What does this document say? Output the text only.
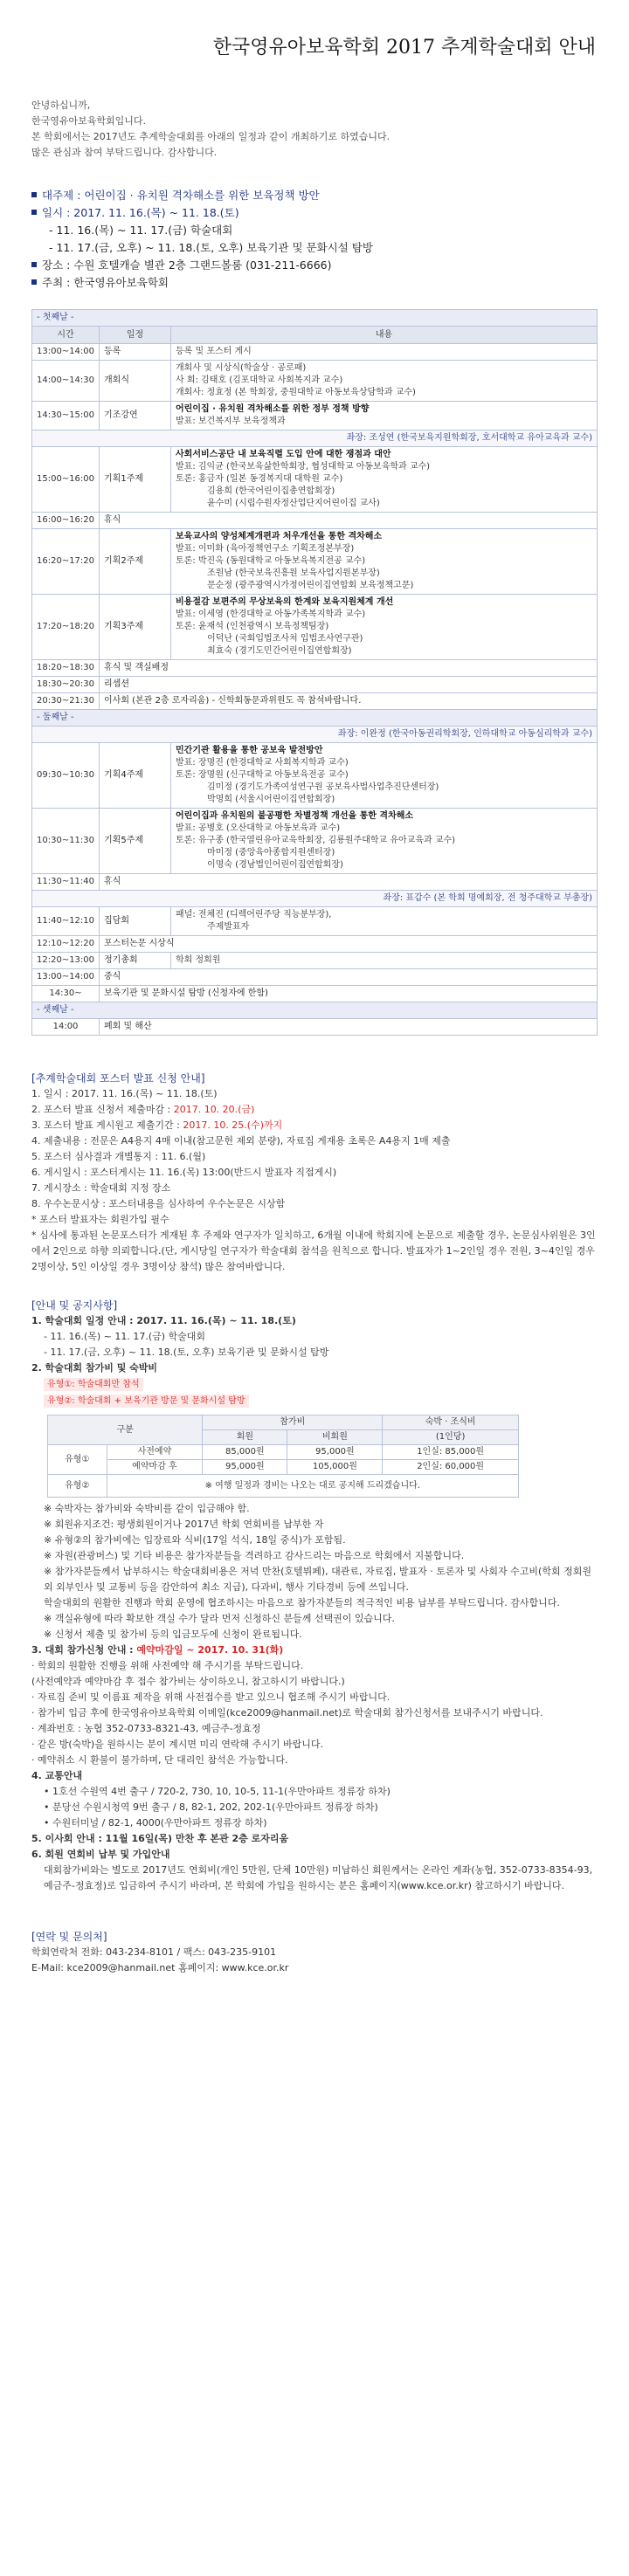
한국영유아보육학회 2017 추계학술대회 안내

안녕하십니까,

한국영유아보육학회입니다.

본 학회에서는 2017년도 추계학술대회를 아래의 일정과 같이 개최하기로 하였습니다.

많은 관심과 참여 부탁드립니다. 감사합니다.

대주제 : 어린이집 · 유치원 격차해소를 위한 보육정책 방안
일시 : 2017. 11. 16.(목) ~ 11. 18.(토)
- 11. 16.(목) ~ 11. 17.(금) 학술대회
- 11. 17.(금, 오후) ~ 11. 18.(토, 오후) 보육기관 및 문화시설 탐방
장소 : 수원 호텔캐슬 별관 2층 그랜드볼룸 (031-211-6666)
주최 : 한국영유아보육학회
- 첫째날 -		
시간	일정	내용
13:00~14:00	등록	등록 및 포스터 게시
14:00~14:30	개회식	개회사 및 시상식(학술상 · 공로패)
사 회: 김태호 (김포대학교 사회복지과 교수)
개회사: 정효정 (본 학회장, 중원대학교 아동보육상담학과 교수)

14:30~15:00	기조강연	어린이집 · 유치원 격차해소를 위한 정부 정책 방향
발표: 보건복지부 보육정책과

좌장: 조성연 (한국보육지원학회장, 호서대학교 유아교육과 교수)		
15:00~16:00	기획1주제	사회서비스공단 내 보육직렬 도입 안에 대한 쟁점과 대안
발표: 김익균 (한국보육삶한학회장, 협성대학교 아동보육학과 교수)
토론: 홍금자 (일본 동경복지대 대학원 교수)
김용희 (한국어린이집총연합회장)
윤수미 (시립수원자정산업단지어린이집 교사)

16:00~16:20	휴식	
16:20~17:20	기획2주제	보육교사의 양성체계개편과 처우개선을 통한 격차해소
발표: 이미화 (육아정책연구소 기획조정본부장)
토론: 박진옥 (동원대학교 아동보육복지전공 교수)
조원남 (한국보육진흥원 보육사업지원본부장)
문순정 (광주광역시가정어린이집연합회 보육정책고문)

17:20~18:20	기획3주제	비용절감 보편주의 무상보육의 한계와 보육지원체계 개선
발표: 이세영 (한경대학교 아동가족복지학과 교수)
토론: 윤재석 (인천광역시 보육정책팀장)
이덕난 (국회입법조사처 입법조사연구관)
최효숙 (경기도민간어린이집연합회장)

18:20~18:30	휴식 및 객실배정	
18:30~20:30	리셉션	
20:30~21:30	이사회 (본관 2층 로자리움) - 신학회동문과위원도 꼭 참석바랍니다.	
- 둘째날 -		
좌장: 이완정 (한국아동권리학회장, 인하대학교 아동심리학과 교수)		
09:30~10:30	기획4주제	민간기관 활용을 통한 공보육 발전방안
발표: 장명진 (한경대학교 사회복지학과 교수)
토론: 장명원 (신구대학교 아동보육전공 교수)
김미정 (경기도가족여성연구원 공보육사법사업추진단센터장)
박명희 (서울시어린이집연합회장)

10:30~11:30	기획5주제	어린이집과 유치원의 불공평한 차별정책 개선을 통한 격차해소
발표: 공병호 (오산대학교 아동보육과 교수)
토론: 유구종 (한국열린유아교육학회장, 김룡원주대학교 유아교육과 교수)
마미정 (중앙육아종합지원센터장)
이명숙 (경남법인어린이집연합회장)

11:30~11:40	휴식	
좌장: 표갑수 (본 학회 명예회장, 전 청주대학교 부총장)		
11:40~12:10	집담회	패널: 전체진 (디렉어린주당 직능분부장),
주제발표자

12:10~12:20	포스터논문 시상식	
12:20~13:00	정기총회	학회 정회원
13:00~14:00	중식	
14:30~	보육기관 및 문화시설 탐방 (신청자에 한함)	
- 셋째날 -		
14:00	폐회 및 해산	
[추계학술대회 포스터 발표 신청 안내]

1. 일시 : 2017. 11. 16.(목) ~ 11. 18.(토)

2. 포스터 발표 신청서 제출마감 : 2017. 10. 20.(금)

3. 포스터 발표 게시원고 제출기간 : 2017. 10. 25.(수)까지

4. 제출내용 : 전문은 A4용지 4매 이내(참고문헌 제외 분량), 자료집 게재용 초록은 A4용지 1매 제출

5. 포스터 심사결과 개별통지 : 11. 6.(월)

6. 게시일시 : 포스터게시는 11. 16.(목) 13:00(반드시 발표자 직접게시)

7. 게시장소 : 학술대회 지정 장소

8. 우수논문시상 : 포스터내용을 심사하여 우수논문은 시상함

* 포스터 발표자는 회원가입 필수

* 심사에 통과된 논문포스터가 게재된 후 주제와 연구자가 일치하고, 6개월 이내에 학회지에 논문으로 제출할 경우, 논문심사위원은 3인에서 2인으로 하향 의뢰합니다.(단, 게시당일 연구자가 학술대회 참석을 원칙으로 합니다. 발표자가 1~2인일 경우 전원, 3~4인일 경우 2명이상, 5인 이상일 경우 3명이상 참석) 많은 참여바랍니다.

[안내 및 공지사항]

1. 학술대회 일정 안내 : 2017. 11. 16.(목) ~ 11. 18.(토)

- 11. 16.(목) ~ 11. 17.(금) 학술대회

- 11. 17.(금, 오후) ~ 11. 18.(토, 오후) 보육기관 및 문화시설 탐방

2. 학술대회 참가비 및 숙박비

유형①: 학술대회만 참석

유형②: 학술대회 + 보육기관 방문 및 문화시설 탐방

구분		참가비		숙박 · 조식비
		회원	비회원	(1인당)
유형①	사전예약	85,000원	95,000원	1인실: 85,000원
	예약마감 후	95,000원	105,000원	2인실: 60,000원
유형②	※ 여행 일정과 경비는 나오는 대로 공지해 드리겠습니다.			

※ 숙박자는 참가비와 숙박비를 같이 입금해야 함.

※ 회원유지조건: 평생회원이거나 2017년 학회 연회비를 납부한 자

※ 유형②의 참가비에는 입장료와 식비(17일 석식, 18일 중식)가 포함됨.

※ 자원(관광버스) 및 기타 비용은 참가자분들을 격려하고 감사드리는 마음으로 학회에서 지불합니다.

※ 참가자분들께서 납부하시는 학술대회비용은 저녁 만찬(호텔뷔페), 대관료, 자료집, 발표자 · 토론자 및 사회자 수고비(학회 정회원 외 외부인사 및 교통비 등을 감안하여 최소 지급), 다과비, 행사 기타경비 등에 쓰입니다.

학술대회의 원활한 진행과 학회 운영에 협조하시는 마음으로 참가자분들의 적극적인 비용 납부를 부탁드립니다. 감사합니다.

※ 객실유형에 따라 확보한 객실 수가 달라 먼저 신청하신 분들께 선택권이 있습니다.

※ 신청서 제출 및 참가비 등의 입금모두에 신청이 완료됩니다.

3. 대회 참가신청 안내 : 예약마감일 ~ 2017. 10. 31(화)

· 학회의 원활한 진행을 위해 사전예약 해 주시기를 부탁드립니다.

(사전예약과 예약마감 후 접수 참가비는 상이하오니, 참고하시기 바랍니다.)

· 자료집 준비 및 이름표 제작을 위해 사전접수를 받고 있으니 협조해 주시기 바랍니다.

· 참가비 입금 후에 한국영유아보육학회 이메일(kce2009@hanmail.net)로 학술대회 참가신청서를 보내주시기 바랍니다.

· 계좌번호 : 농협 352-0733-8321-43, 예금주-정효정

· 같은 방(숙박)을 원하시는 분이 계시면 미리 연락해 주시기 바랍니다.

· 예약취소 시 환불이 불가하며, 단 대리인 참석은 가능합니다.

4. 교통안내

• 1호선 수원역 4번 출구 / 720-2, 730, 10, 10-5, 11-1(우만아파트 정류장 하차)

• 분당선 수원시청역 9번 출구 / 8, 82-1, 202, 202-1(우만아파트 정류장 하차)

• 수원터미널 / 82-1, 4000(우만아파트 정류장 하차)

5. 이사회 안내 : 11월 16일(목) 만찬 후 본관 2층 로자리움

6. 회원 연회비 납부 및 가입안내

대회참가비와는 별도로 2017년도 연회비(개인 5만원, 단체 10만원) 미납하신 회원께서는 온라인 계좌(농협, 352-0733-8354-93, 예금주-정효정)로 입금하여 주시기 바라며, 본 학회에 가입을 원하시는 분은 홈페이지(www.kce.or.kr) 참고하시기 바랍니다.

[연락 및 문의처]

학회연락처 전화: 043-234-8101 / 팩스: 043-235-9101

E-Mail: kce2009@hanmail.net 홈페이지: www.kce.or.kr
